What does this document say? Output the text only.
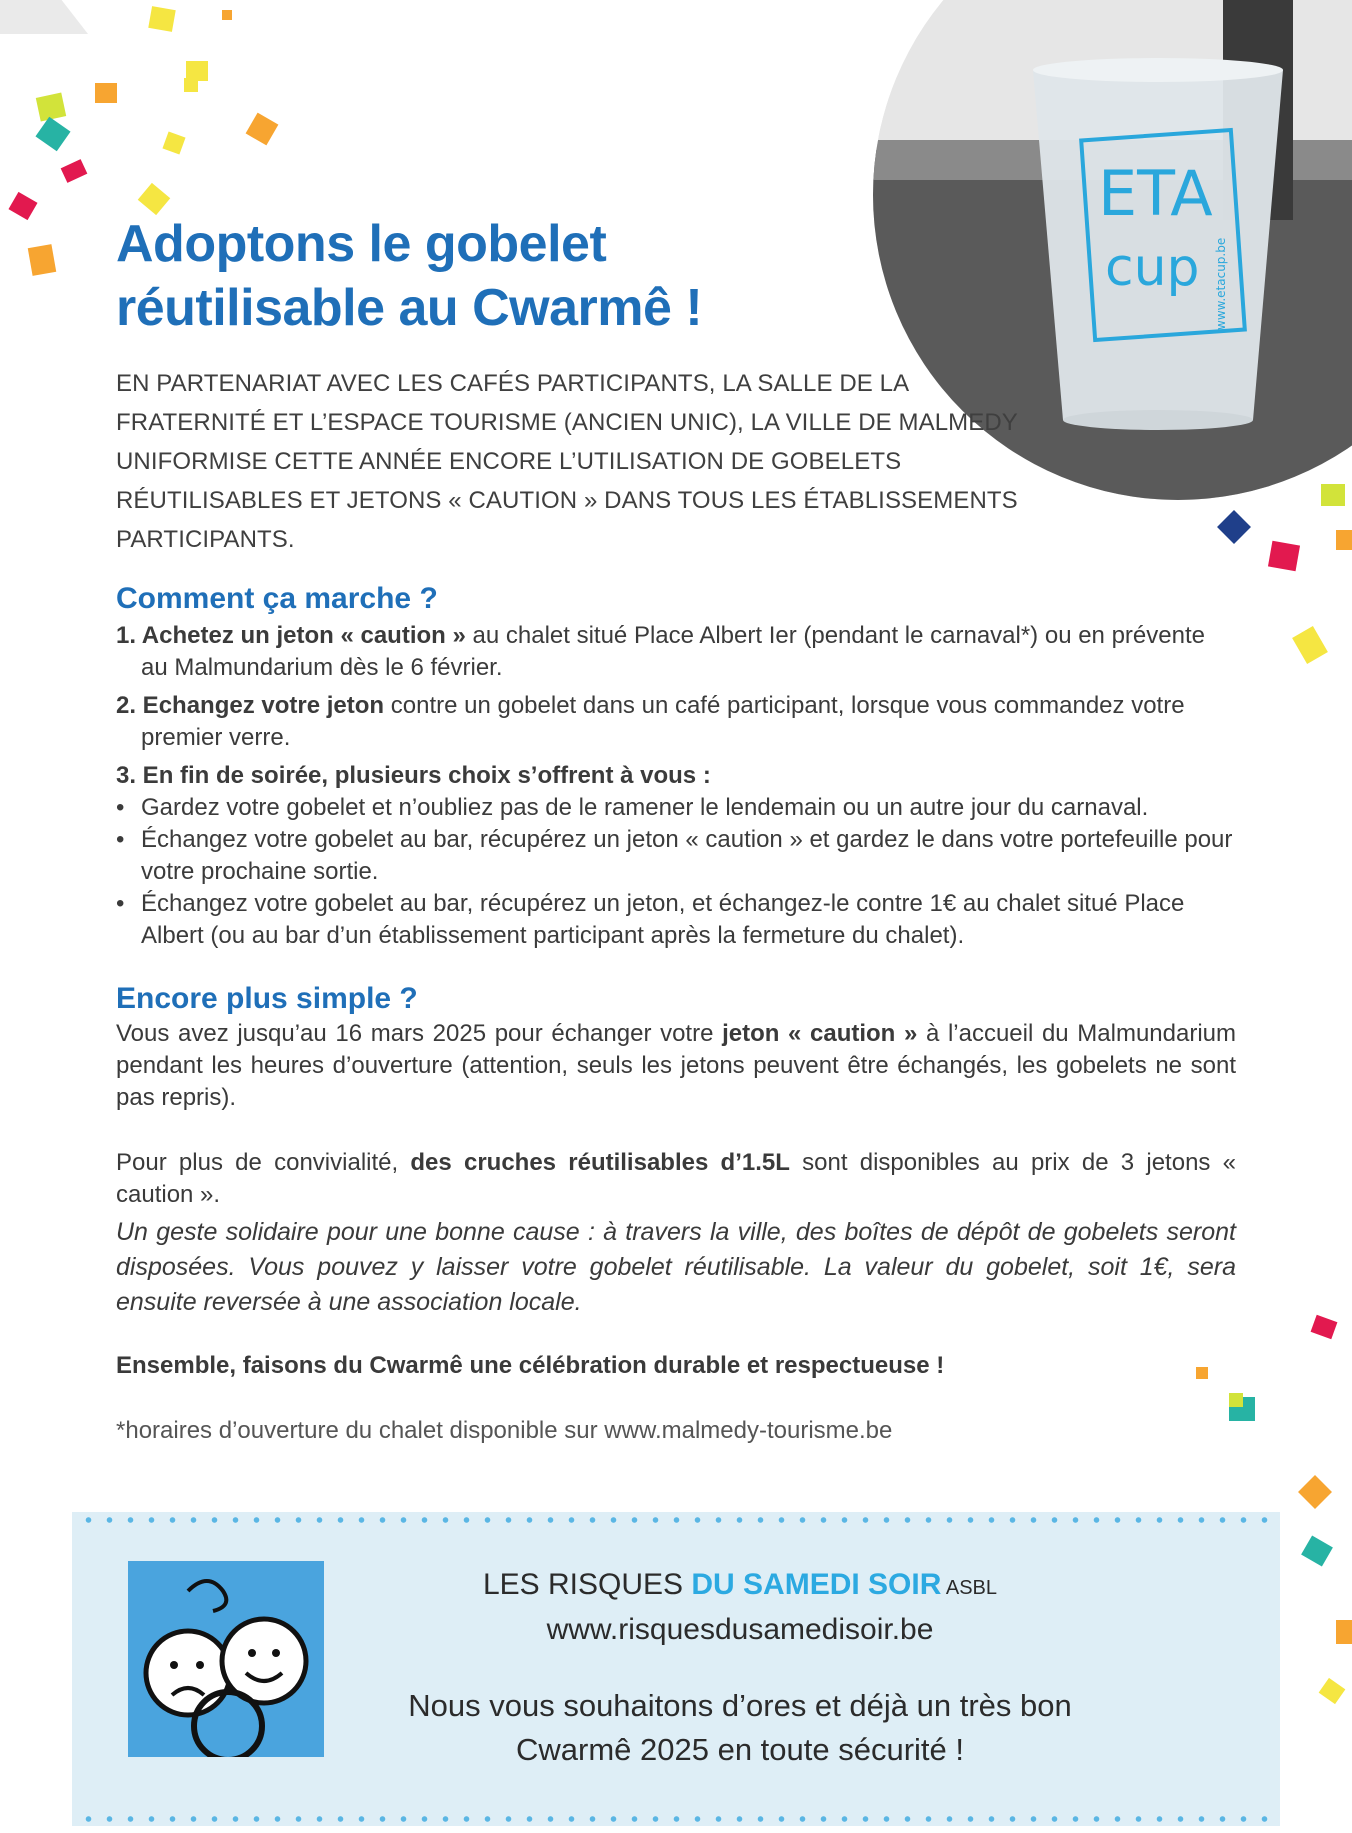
ETA
cup www.etacup.be
Adoptons le gobelet
réutilisable au Cwarmê !

EN PARTENARIAT AVEC LES CAFÉS PARTICIPANTS, LA SALLE DE LA FRATERNITÉ ET L’ESPACE TOURISME (ANCIEN UNIC), LA VILLE DE MALMEDY UNIFORMISE CETTE ANNÉE ENCORE L’UTILISATION DE GOBELETS RÉUTILISABLES ET JETONS « CAUTION » DANS TOUS LES ÉTABLISSEMENTS PARTICIPANTS.

Comment ça marche ?
1. Achetez un jeton « caution » au chalet situé Place Albert Ier (pendant le carnaval*) ou en prévente
au Malmundarium dès le 6 février.
2. Echangez votre jeton contre un gobelet dans un café participant, lorsque vous commandez votre
premier verre.
3. En fin de soirée, plusieurs choix s’offrent à vous :

• Gardez votre gobelet et n’oubliez pas de le ramener le lendemain ou un autre jour du carnaval.

• Échangez votre gobelet au bar, récupérez un jeton « caution » et gardez le dans votre portefeuille pour votre prochaine sortie.

• Échangez votre gobelet au bar, récupérez un jeton, et échangez-le contre 1€ au chalet situé Place Albert (ou au bar d’un établissement participant après la fermeture du chalet).

Encore plus simple ?

Vous avez jusqu’au 16 mars 2025 pour échanger votre jeton « caution » à l’accueil du Malmundarium pendant les heures d’ouverture (attention, seuls les jetons peuvent être échangés, les gobelets ne sont pas repris).

Pour plus de convivialité, des cruches réutilisables d’1.5L sont disponibles au prix de 3 jetons « caution ».

Un geste solidaire pour une bonne cause : à travers la ville, des boîtes de dépôt de gobelets seront disposées. Vous pouvez y laisser votre gobelet réutilisable. La valeur du gobelet, soit 1€, sera ensuite reversée à une association locale.

Ensemble, faisons du Cwarmê une célébration durable et respectueuse !

*horaires d’ouverture du chalet disponible sur www.malmedy-tourisme.be

LES RISQUES DU SAMEDI SOIR ASBL

www.risquesdusamedisoir.be

Nous vous souhaitons d’ores et déjà un très bon

Cwarmê 2025 en toute sécurité !
